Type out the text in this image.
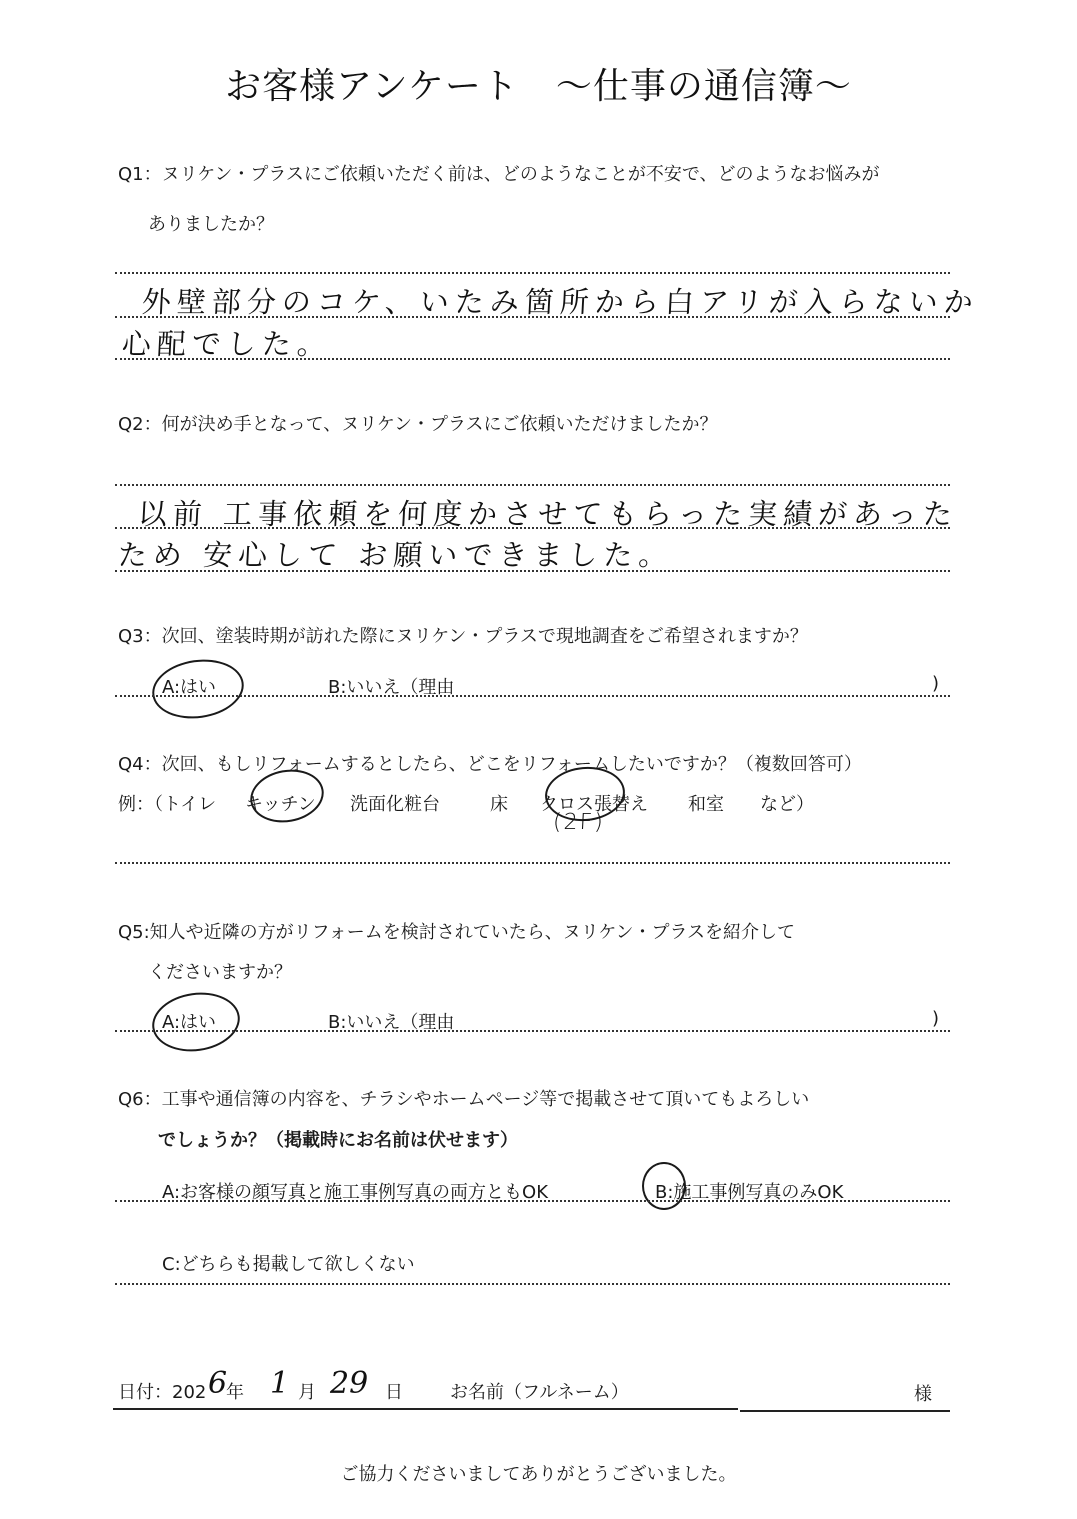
お客様アンケート　～仕事の通信簿～
Q1：ヌリケン・プラスにご依頼いただく前は、どのようなことが不安で、どのようなお悩みが
ありましたか？
外壁部分のコケ、いたみ箇所から白アリが入らないか
心配でした。
Q2：何が決め手となって、ヌリケン・プラスにご依頼いただけましたか？
以前 工事依頼を何度かさせてもらった実績があった
ため 安心して お願いできました。
Q3：次回、塗装時期が訪れた際にヌリケン・プラスで現地調査をご希望されますか？
A:はい	B:いいえ（理由	)
Q4：次回、もしリフォームするとしたら、どこをリフォームしたいですか？（複数回答可）
例：（トイレ キッチン 洗面化粧台	床 クロス張替え
(2F)
和室 など）
Q5:知人や近隣の方がリフォームを検討されていたら、ヌリケン・プラスを紹介して
くださいますか？
A:はい	B:いいえ（理由	)
Q6：工事や通信簿の内容を、チラシやホームページ等で掲載させて頂いてもよろしい
でしょうか？（掲載時にお名前は伏せます）
A:お客様の顔写真と施工事例写真の両方ともOK	B:施工事例写真のみOK
C:どちらも掲載して欲しくない
日付：202 6
年 1 月 29 日	お名前（フルネーム）	様
ご協力くださいましてありがとうございました。
